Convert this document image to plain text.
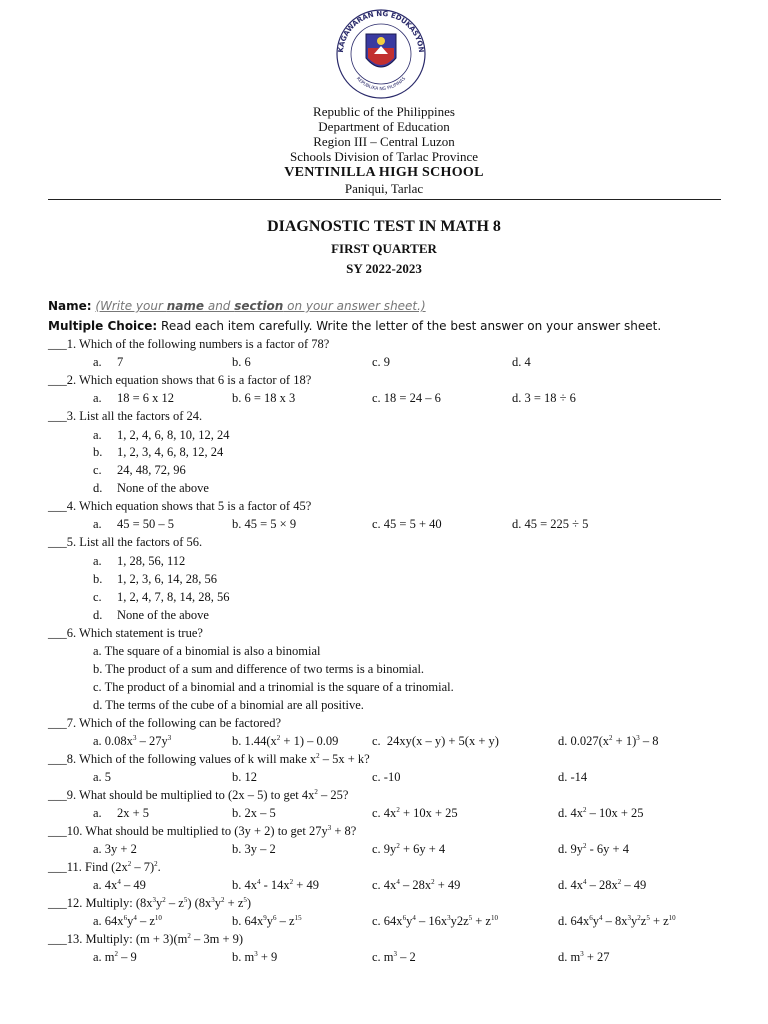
KAGAWARAN NG EDUKASYON
REPUBLIKA NG PILIPINAS
Republic of the Philippines
Department of Education
Region III – Central Luzon
Schools Division of Tarlac Province
VENTINILLA HIGH SCHOOL
Paniqui, Tarlac
DIAGNOSTIC TEST IN MATH 8
FIRST QUARTER
SY 2022-2023
Name: (Write your name and section on your answer sheet.)
Multiple Choice: Read each item carefully. Write the letter of the best answer on your answer sheet.
___1. Which of the following numbers is a factor of 78?
a. 7	b. 6	c. 9	d. 4
___2. Which equation shows that 6 is a factor of 18?
a. 18 = 6 x 12	b. 6 = 18 x 3	c. 18 = 24 – 6	d. 3 = 18 ÷ 6
___3. List all the factors of 24.
a. 1, 2, 4, 6, 8, 10, 12, 24
b. 1, 2, 3, 4, 6, 8, 12, 24
c. 24, 48, 72, 96
d. None of the above
___4. Which equation shows that 5 is a factor of 45?
a. 45 = 50 – 5	b. 45 = 5 × 9	c. 45 = 5 + 40	d. 45 = 225 ÷ 5
___5. List all the factors of 56.
a. 1, 28, 56, 112
b. 1, 2, 3, 6, 14, 28, 56
c. 1, 2, 4, 7, 8, 14, 28, 56
d. None of the above
___6. Which statement is true?
a. The square of a binomial is also a binomial
b. The product of a sum and difference of two terms is a binomial.
c. The product of a binomial and a trinomial is the square of a trinomial.
d. The terms of the cube of a binomial are all positive.
___7. Which of the following can be factored?
a. $0.08x^3 - 27y^3$	b. $1.44(x^2 + 1) - 0.09$	c.  24xy(x – y) + 5(x + y)	d. $0.027(x^2 + 1)^3 - 8$
___8. Which of the following values of k will make $x^2 - 5x + k$?
a. 5	b. 12	c. -10	d. -14
___9. What should be multiplied to (2x – 5) to get $4x^2 - 25$?
a. 2x + 5	b. 2x – 5	c. $4x^2 + 10x + 25$	d. $4x^2 - 10x + 25$
___10. What should be multiplied to (3y + 2) to get $27y^3 + 8$?
a. 3y + 2	b. 3y – 2	c. $9y^2 + 6y + 4$	d. $9y^2 - 6y + 4$
___11. Find $(2x^2 - 7)^2$.
a. $4x^4 - 49$	b. $4x^4 - 14x^2 + 49$	c. $4x^4 - 28x^2 + 49$	d. $4x^4 - 28x^2 - 49$
___12. Multiply: $(8x^3y^2 - z^5) (8x^3y^2 + z^5)$
a. $64x^6y^4 - z^{10}$	b. $64x^9y^6 - z^{15}$	c. $64x^6y^4 - 16x^3y2z^5 + z^{10}$	d. $64x^6y^4 - 8x^3y^2z^5 + z^{10}$
___13. Multiply: $(m + 3)(m^2 - 3m + 9)$
a. $m^2 - 9$	b. $m^3 + 9$	c. $m^3 - 2$	d. $m^3 + 27$
